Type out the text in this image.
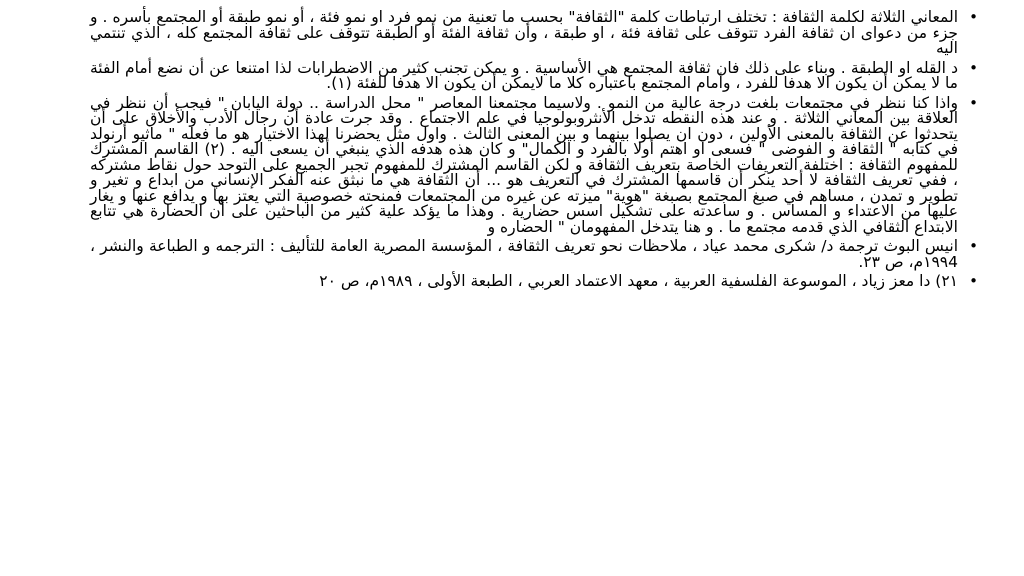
•
المعاني الثلاثة لكلمة الثقافة : تختلف ارتباطات كلمة "الثقافة" بحسب ما تعنية من نمو فرد او نمو فئة ، أو نمو طبقة أو المجتمع بأسره . و جزء من دعواى ان ثقافة الفرد تتوقف على ثقافة فئة ، او طبقة ، وأن ثقافة الفئة أو الطبقة تتوقف على ثقافة المجتمع كله ، الذي تنتمي اليه
•
د القله او الطبقة . وبناء على ذلك فان ثقافة المجتمع هي الأساسية . و يمكن تجنب كثير من الاضطرابات لذا امتنعا عن أن نضع أمام الفئة ما لا يمكن أن يكون الا هدفا للفرد ، وأمام المجتمع باعتباره كلا ما لايمكن أن يكون الا هدفا للفئة (١).
•
واذا كنا ننظر في مجتمعات بلغت درجة عالية من النمو . ولاسيما مجتمعنا المعاصر " محل الدراسة .. دولة اليابان " فيجب أن ننظر في العلاقة بين المعاني الثلاثة . و عند هذه النقطه تدخل الأنثروبولوجيا في علم الاجتماع . وقد جرت عادة أن رجال الأدب والأخلاق على أن يتحدثوا عن الثقافة بالمعنى الأولين ، دون ان يصلوا بينهما و بين المعنى الثالث . واول مثل يحضرنا لهذا الاختيار هو ما فعله " ماثيو أرنولد في كتابه " الثقافة و الفوضى " فسعى او اهتم أولا بالفرد و الكمال" و كان هذه هدفه الذي ينبغي أن يسعى اليه . (٢) القاسم المشترك للمفهوم الثقافة : اختلفة التعريفات الخاصة بتعريف الثقافة و لكن القاسم المشترك للمفهوم تجبر الجميع على التوحد حول نقاط مشتركه ، ففي تعريف الثقافة لا أحد ينكر أن قاسمها المشترك في التعريف هو ... أن الثقافة هي ما نبثق عنه الفكر الإنساني من ابداع و تغير و تطوير و تمدن ، مساهم في صبغ المجتمع بصبغة "هوية" ميزته عن غيره من المجتمعات فمنحته خصوصية التي يعتز بها و يدافع عنها و يغار عليها من الاعتداء و المساس . و ساعدته على تشكيل اسس حضارية . وهذا ما يؤكد علية كثير من الباحثين على أن الحضارة هي تتابع الابتداع الثقافي الذي قدمه مجتمع ما . و هنا يتدخل المفهومان " الحضاره و
•
انيس البوث ترجمة د/ شكرى محمد عياد ، ملاحظات نحو تعريف الثقافة ، المؤسسة المصرية العامة للتأليف : الترجمه و الطباعة والنشر ، ١٩٩4م، ص ٢٣.
•
٢١) دا معز زياد ، الموسوعة الفلسفية العربية ، معهد الاعتماد العربي ، الطبعة الأولى ، ١٩٨٩م، ص ٢٠
